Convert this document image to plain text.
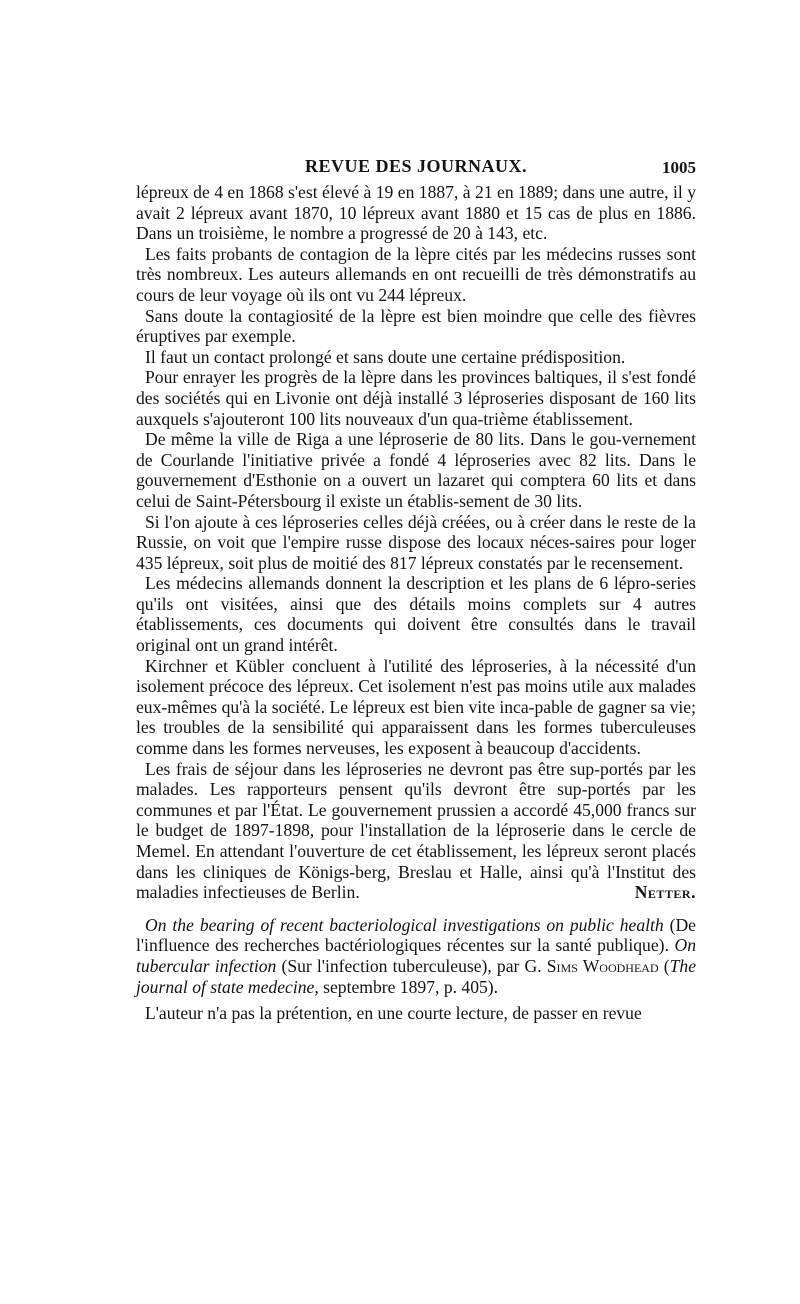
REVUE DES JOURNAUX.	1005

lépreux de 4 en 1868 s'est élevé à 19 en 1887, à 21 en 1889; dans une autre, il y avait 2 lépreux avant 1870, 10 lépreux avant 1880 et 15 cas de plus en 1886. Dans un troisième, le nombre a progressé de 20 à 143, etc.

Les faits probants de contagion de la lèpre cités par les médecins russes sont très nombreux. Les auteurs allemands en ont recueilli de très démonstratifs au cours de leur voyage où ils ont vu 244 lépreux.

Sans doute la contagiosité de la lèpre est bien moindre que celle des fièvres éruptives par exemple.

Il faut un contact prolongé et sans doute une certaine prédisposition.

Pour enrayer les progrès de la lèpre dans les provinces baltiques, il s'est fondé des sociétés qui en Livonie ont déjà installé 3 léproseries disposant de 160 lits auxquels s'ajouteront 100 lits nouveaux d'un qua-trième établissement.

De même la ville de Riga a une léproserie de 80 lits. Dans le gou-vernement de Courlande l'initiative privée a fondé 4 léproseries avec 82 lits. Dans le gouvernement d'Esthonie on a ouvert un lazaret qui comptera 60 lits et dans celui de Saint-Pétersbourg il existe un établis-sement de 30 lits.

Si l'on ajoute à ces léproseries celles déjà créées, ou à créer dans le reste de la Russie, on voit que l'empire russe dispose des locaux néces-saires pour loger 435 lépreux, soit plus de moitié des 817 lépreux constatés par le recensement.

Les médecins allemands donnent la description et les plans de 6 lépro-series qu'ils ont visitées, ainsi que des détails moins complets sur 4 autres établissements, ces documents qui doivent être consultés dans le travail original ont un grand intérêt.

Kirchner et Kübler concluent à l'utilité des léproseries, à la nécessité d'un isolement précoce des lépreux. Cet isolement n'est pas moins utile aux malades eux-mêmes qu'à la société. Le lépreux est bien vite inca-pable de gagner sa vie; les troubles de la sensibilité qui apparaissent dans les formes tuberculeuses comme dans les formes nerveuses, les exposent à beaucoup d'accidents.

Les frais de séjour dans les léproseries ne devront pas être sup-portés par les malades. Les rapporteurs pensent qu'ils devront être sup-portés par les communes et par l'État. Le gouvernement prussien a accordé 45,000 francs sur le budget de 1897-1898, pour l'installation de la léproserie dans le cercle de Memel. En attendant l'ouverture de cet établissement, les lépreux seront placés dans les cliniques de Königs-berg, Breslau et Halle, ainsi qu'à l'Institut des maladies infectieuses de Berlin.	Netter.

On the bearing of recent bacteriological investigations on public health (De l'influence des recherches bactériologiques récentes sur la santé publique). On tubercular infection (Sur l'infection tuberculeuse), par G. Sims Woodhead (The journal of state medecine, septembre 1897, p. 405).

L'auteur n'a pas la prétention, en une courte lecture, de passer en revue
